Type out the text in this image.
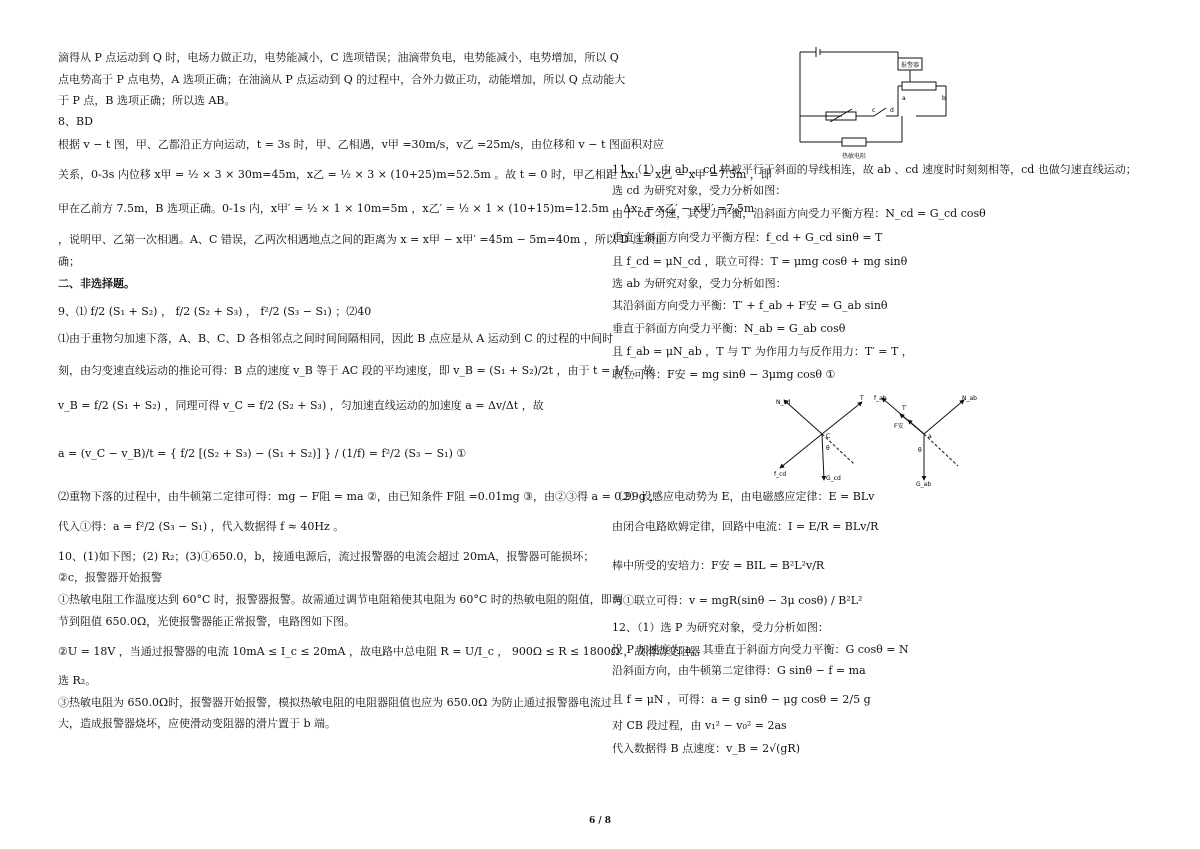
滴得从 P 点运动到 Q 时，电场力做正功，电势能减小，C 选项错误；油滴带负电，电势能减小，电势增加，所以 Q
点电势高于 P 点电势，A 选项正确；在油滴从 P 点运动到 Q 的过程中，合外力做正功，动能增加，所以 Q 点动能大
于 P 点，B 选项正确；所以选 AB。
8、BD
根据 v − t 图，甲、乙都沿正方向运动，t = 3s 时，甲、乙相遇，v甲 =30m/s，v乙 =25m/s，由位移和 v − t 图面积对应
关系，0-3s 内位移 x甲 = ½ × 3 × 30m=45m，x乙 = ½ × 3 × (10+25)m=52.5m 。故 t = 0 时，甲乙相距 Δx₁ = x乙 − x甲 =7.5m ，即
甲在乙前方 7.5m，B 选项正确。0-1s 内，x甲′ = ½ × 1 × 10m=5m ，x乙′ = ½ × 1 × (10+15)m=12.5m ，Δx₂ = x乙′ − x甲′ =7.5m
，说明甲、乙第一次相遇。A、C 错误，乙两次相遇地点之间的距离为 x = x甲 − x甲′ =45m − 5m=40m ，所以 D 选项正
确；
二、非选择题。
9、⑴ f/2 (S₁ + S₂) ， f/2 (S₂ + S₃) ， f²/2 (S₃ − S₁) ；⑵40
⑴由于重物匀加速下落，A、B、C、D 各相邻点之间时间间隔相同，因此 B 点应是从 A 运动到 C 的过程的中间时
刻，由匀变速直线运动的推论可得：B 点的速度 v_B 等于 AC 段的平均速度，即 v_B = (S₁ + S₂)/2t ，由于 t = 1/f ，故
v_B = f/2 (S₁ + S₂) ，同理可得 v_C = f/2 (S₂ + S₃) ，匀加速直线运动的加速度 a = Δv/Δt ，故
a = (v_C − v_B)/t = { f/2 [(S₂ + S₃) − (S₁ + S₂)] } / (1/f) = f²/2 (S₃ − S₁) ①
⑵重物下落的过程中，由牛顿第二定律可得：mg − F阻 = ma ②，由已知条件 F阻 =0.01mg ③，由②③得 a = 0.99g ，
代入①得：a = f²/2 (S₃ − S₁) ，代入数据得 f ≈ 40Hz 。
10、(1)如下图；(2) R₂；(3)①650.0，b，接通电源后，流过报警器的电流会超过 20mA，报警器可能损坏；
②c，报警器开始报警
①热敏电阻工作温度达到 60°C 时，报警器报警。故需通过调节电阻箱使其电阻为 60°C 时的热敏电阻的阻值，即调
节到阻值 650.0Ω，光使报警器能正常报警，电路图如下图。
②U = 18V ，当通过报警器的电流 10mA ≤ I_c ≤ 20mA ，故电路中总电阻 R = U/I_c ， 900Ω ≤ R ≤ 1800Ω ，故滑动变阻器
选 R₂。
③热敏电阻为 650.0Ω时，报警器开始报警，模拟热敏电阻的电阻器阻值也应为 650.0Ω 为防止通过报警器电流过
大，造成报警器烧坏，应使滑动变阻器的滑片置于 b 端。
11、（1）由 ab 、cd 棒被平行于斜面的导线相连，故 ab 、cd 速度时时刻刻相等，cd 也做匀速直线运动；
选 cd 为研究对象，受力分析如图：
由于 cd 匀速，其受力平衡，沿斜面方向受力平衡方程：N_cd = G_cd cosθ
垂直于斜面方向受力平衡方程：f_cd + G_cd sinθ = T
且 f_cd = μN_cd ，联立可得：T = μmg cosθ + mg sinθ
选 ab 为研究对象，受力分析如图：
其沿斜面方向受力平衡：T′ + f_ab + F安 = G_ab sinθ
垂直于斜面方向受力平衡：N_ab = G_ab cosθ
且 f_ab = μN_ab ，T 与 T′ 为作用力与反作用力：T′ = T ，
联立可得：F安 = mg sinθ − 3μmg cosθ ①
（2）设感应电动势为 E，由电磁感应定律：E = BLv
由闭合电路欧姆定律，回路中电流：I = E/R = BLv/R
棒中所受的安培力：F安 = BIL = B²L²v/R
与①联立可得：v = mgR(sinθ − 3μ cosθ) / B²L²
12、（1）选 P 为研究对象，受力分析如图：
设 P 加速度为 a，其垂直于斜面方向受力平衡：G cosθ = N
沿斜面方向，由牛顿第二定律得：G sinθ − f = ma
且 f = μN ，可得：a = g sinθ − μg cosθ = 2/5 g
对 CB 段过程，由 v₁² − v₀² = 2as
代入数据得 B 点速度：v_B = 2√(gR)
报警器
热敏电阻
a	b
c d
N_cd
T
f_cd
G_cd
C
θ
f_ab
T′
F安
N_ab
G_ab
a
θ
6 / 8
